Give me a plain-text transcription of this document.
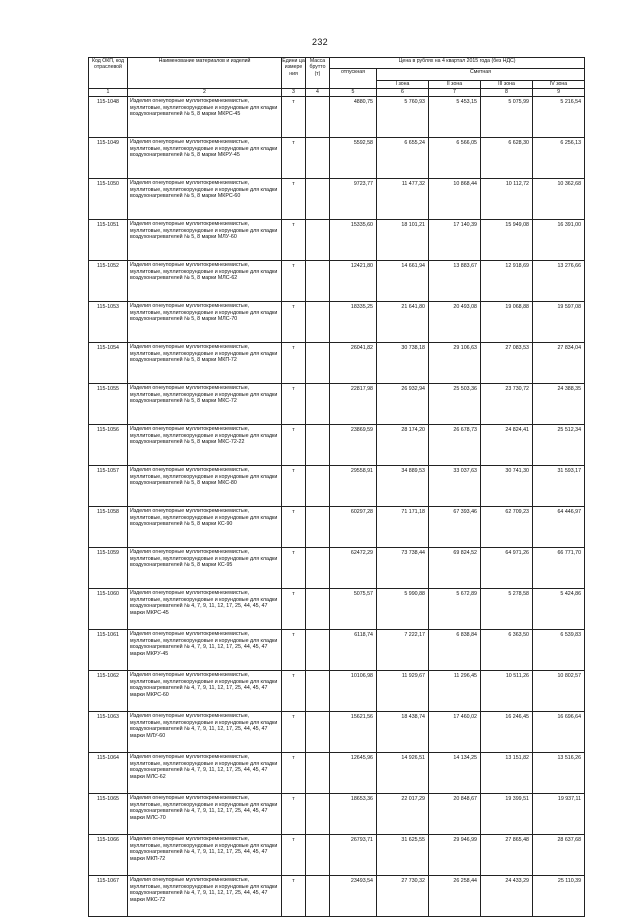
232
Код ОКП, код отраслевой	Наименование материалов и изделий	Едини ца измере ния	Масса брутто (т)	Цена в рублях на 4 квартал 2015 года (без НДС)				
				отпускная	Сметная			
					I зона	II зона	III зона	IV зона
1	2	3	4	5	6	7	8	9
115-1048	Изделия огнеупорные муллитокремнеземистые, муллитовые, муллитокорундовые и корундовые для кладки воздухонагревателей № 5, 8 марки МКРС-45	т		4880,75	5 760,93	5 453,15	5 075,99	5 216,54
115-1049	Изделия огнеупорные муллитокремнеземистые, муллитовые, муллитокорундовые и корундовые для кладки воздухонагревателей № 5, 8 марки МКРУ-45	т		5592,58	6 655,24	6 566,05	6 628,30	6 256,13
115-1050	Изделия огнеупорные муллитокремнеземистые, муллитовые, муллитокорундовые и корундовые для кладки воздухонагревателей № 5, 8 марки МКРС-60	т		9723,77	11 477,32	10 868,44	10 112,72	10 362,68
115-1051	Изделия огнеупорные муллитокремнеземистые, муллитовые, муллитокорундовые и корундовые для кладки воздухонагревателей № 5, 8 марки МЛУ-60	т		15335,60	18 101,21	17 140,39	15 949,08	16 391,00
115-1052	Изделия огнеупорные муллитокремнеземистые, муллитовые, муллитокорундовые и корундовые для кладки воздухонагревателей № 5, 8 марки МЛС-62	т		12421,80	14 661,94	13 883,67	12 918,69	13 276,66
115-1053	Изделия огнеупорные муллитокремнеземистые, муллитовые, муллитокорундовые и корундовые для кладки воздухонагревателей № 5, 8 марки МЛС-70	т		18335,25	21 641,80	20 493,08	19 068,88	19 597,08
115-1054	Изделия огнеупорные муллитокремнеземистые, муллитовые, муллитокорундовые и корундовые для кладки воздухонагревателей № 5, 8 марки МКП-72	т		26041,82	30 738,18	29 106,63	27 083,53	27 834,04
115-1055	Изделия огнеупорные муллитокремнеземистые, муллитовые, муллитокорундовые и корундовые для кладки воздухонагревателей № 5, 8 марки МКС-72	т		22817,98	26 932,94	25 503,36	23 730,72	24 388,35
115-1056	Изделия огнеупорные муллитокремнеземистые, муллитовые, муллитокорундовые и корундовые для кладки воздухонагревателей № 5, 8 марки МКС-72-22	т		23869,59	28 174,20	26 678,73	24 824,41	25 512,34
115-1057	Изделия огнеупорные муллитокремнеземистые, муллитовые, муллитокорундовые и корундовые для кладки воздухонагревателей № 5, 8 марки МКС-80	т		29558,91	34 889,53	33 037,63	30 741,30	31 593,17
115-1058	Изделия огнеупорные муллитокремнеземистые, муллитовые, муллитокорундовые и корундовые для кладки воздухонагревателей № 5, 8 марки КС-90	т		60297,28	71 171,18	67 393,46	62 709,23	64 446,97
115-1059	Изделия огнеупорные муллитокремнеземистые, муллитовые, муллитокорундовые и корундовые для кладки воздухонагревателей № 5, 8 марки КС-95	т		62472,29	73 738,44	69 824,52	64 971,26	66 771,70
115-1060	Изделия огнеупорные муллитокремнеземистые, муллитовые, муллитокорундовые и корундовые для кладки воздухонагревателей № 4, 7, 9, 11, 12, 17, 25, 44, 45, 47 марки МКРС-45	т		5075,57	5 990,88	5 672,89	5 278,58	5 424,86
115-1061	Изделия огнеупорные муллитокремнеземистые, муллитовые, муллитокорундовые и корундовые для кладки воздухонагревателей № 4, 7, 9, 11, 12, 17, 25, 44, 45, 47 марки МКРУ-45	т		6118,74	7 222,17	6 838,84	6 363,50	6 539,83
115-1062	Изделия огнеупорные муллитокремнеземистые, муллитовые, муллитокорундовые и корундовые для кладки воздухонагревателей № 4, 7, 9, 11, 12, 17, 25, 44, 45, 47 марки МКРС-60	т		10106,98	11 929,67	11 296,45	10 511,26	10 802,57
115-1063	Изделия огнеупорные муллитокремнеземистые, муллитовые, муллитокорундовые и корундовые для кладки воздухонагревателей № 4, 7, 9, 11, 12, 17, 25, 44, 45, 47 марки МЛУ-60	т		15621,56	18 438,74	17 460,02	16 246,45	16 696,64
115-1064	Изделия огнеупорные муллитокремнеземистые, муллитовые, муллитокорундовые и корундовые для кладки воздухонагревателей № 4, 7, 9, 11, 12, 17, 25, 44, 45, 47 марки МЛС-62	т		12645,96	14 926,51	14 134,25	13 151,82	13 516,26
115-1065	Изделия огнеупорные муллитокремнеземистые, муллитовые, муллитокорундовые и корундовые для кладки воздухонагревателей № 4, 7, 9, 11, 12, 17, 25, 44, 45, 47 марки МЛС-70	т		18653,36	22 017,29	20 848,67	19 399,51	19 937,11
115-1066	Изделия огнеупорные муллитокремнеземистые, муллитовые, муллитокорундовые и корундовые для кладки воздухонагревателей № 4, 7, 9, 11, 12, 17, 25, 44, 45, 47 марки МКП-72	т		26793,71	31 625,55	29 946,99	27 865,48	28 637,68
115-1067	Изделия огнеупорные муллитокремнеземистые, муллитовые, муллитокорундовые и корундовые для кладки воздухонагревателей № 4, 7, 9, 11, 12, 17, 25, 44, 45, 47 марки МКС-72	т		23493,54	27 730,32	26 258,44	24 433,29	25 110,39
